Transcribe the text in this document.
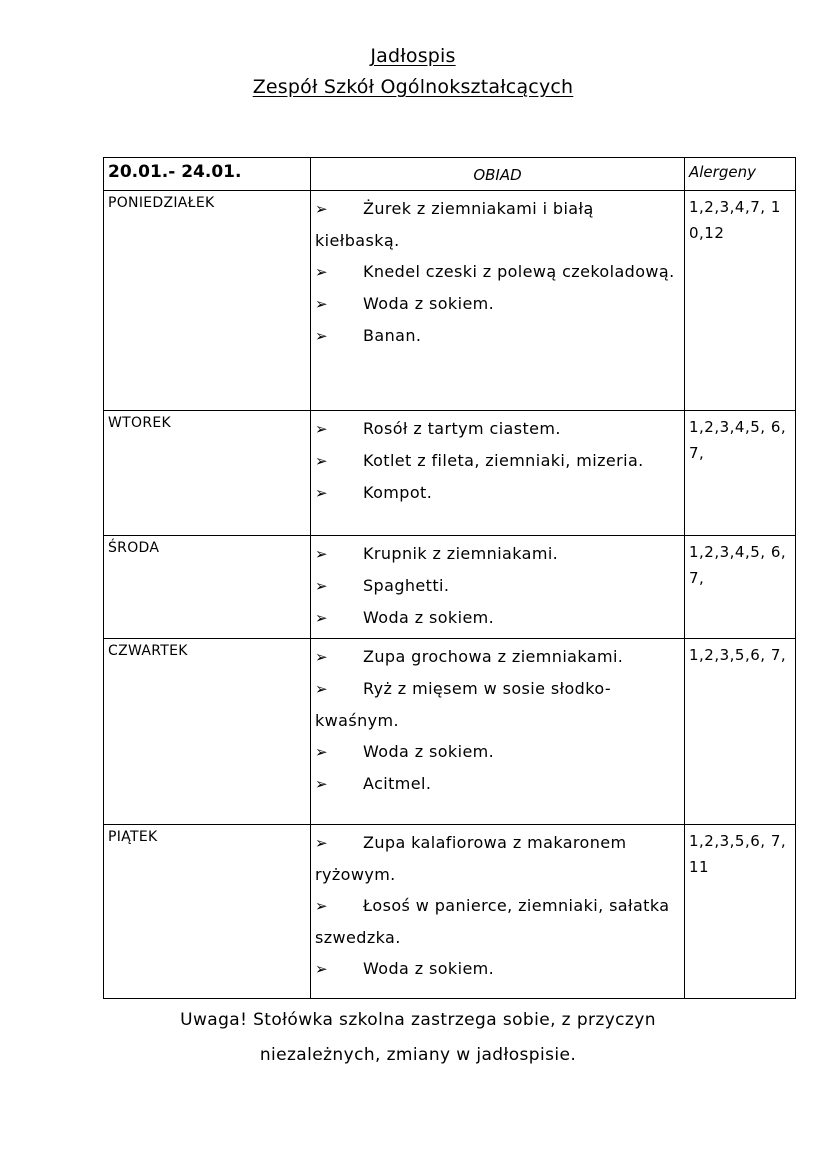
Jadłospis
Zespół Szkół Ogólnokształcących
20.01.- 24.01.	OBIAD	Alergeny
PONIEDZIAŁEK	➢ Żurek z ziemniakami i białą kiełbaską.
➢ Knedel czeski z polewą czekoladową.
➢ Woda z sokiem.
➢ Banan.	1,2,3,4,7, 10,12
WTOREK	➢ Rosół z tartym ciastem.
➢ Kotlet z fileta, ziemniaki, mizeria.
➢ Kompot.	1,2,3,4,5, 6,7,
ŚRODA	➢ Krupnik z ziemniakami.
➢ Spaghetti.
➢ Woda z sokiem.	1,2,3,4,5, 6,7,
CZWARTEK	➢ Zupa grochowa z ziemniakami.
➢ Ryż z mięsem w sosie słodko- kwaśnym.
➢ Woda z sokiem.
➢ Acitmel.	1,2,3,5,6, 7,
PIĄTEK	➢ Zupa kalafiorowa z makaronem ryżowym.
➢ Łosoś w panierce, ziemniaki, sałatka szwedzka.
➢ Woda z sokiem.	1,2,3,5,6, 7,11
Uwaga! Stołówka szkolna zastrzega sobie, z przyczyn
niezależnych, zmiany w jadłospisie.
